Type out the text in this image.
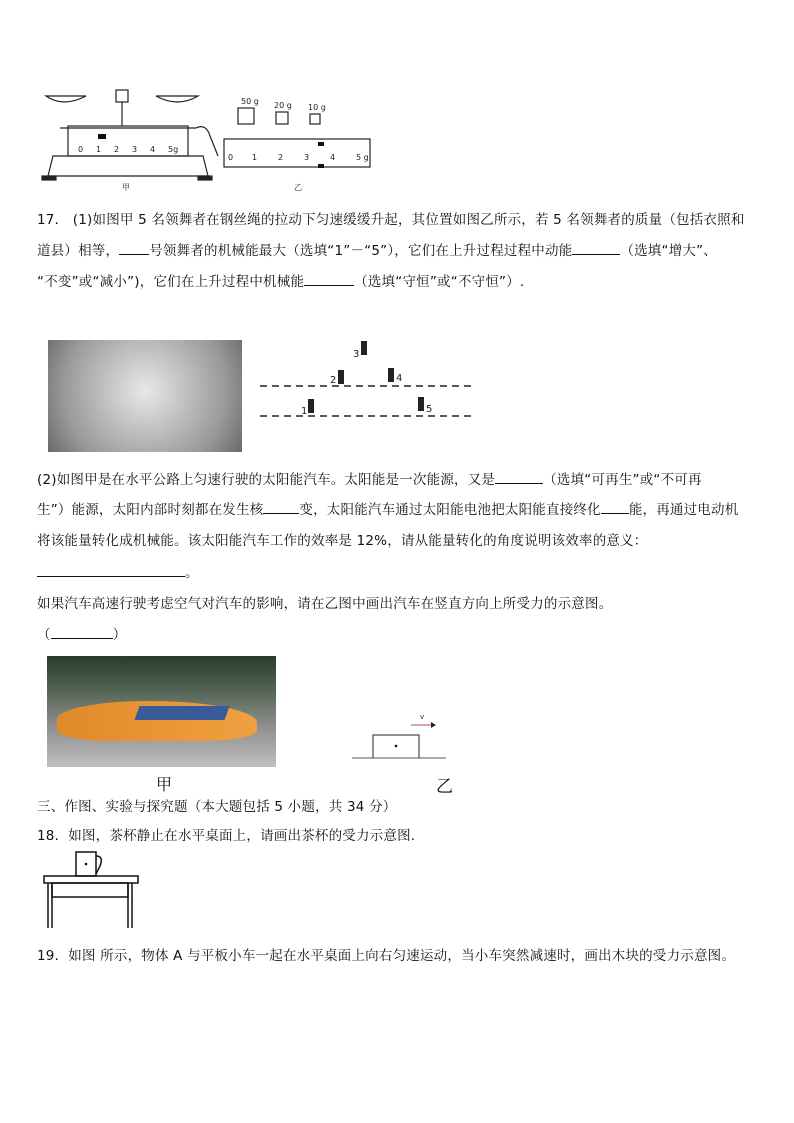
0 1 2 3 4 5g
0 1	2	3	4	5 g
50 g 20 g 10 g
甲	乙
17． (1)如图甲 5 名领舞者在钢丝绳的拉动下匀速缓缓升起，其位置如图乙所示，若 5 名领舞者的质量（包括衣照和
道县）相等， 号领舞者的机械能最大（选填“1”－“5”），它们在上升过程过程中动能	（选填“增大”、
“不变”或“减小”)，它们在上升过程中机械能	（选填“守恒”或“不守恒”）.
1
2
3
4
5
(2)如图甲是在水平公路上匀速行驶的太阳能汽车。太阳能是一次能源，又是	（选填“可再生”或“不可再
生”）能源，太阳内部时刻都在发生核	变，太阳能汽车通过太阳能电池把太阳能直接终化 能，再通过电动机
将该能量转化成机械能。该太阳能汽车工作的效率是 12%，请从能量转化的角度说明该效率的意义：
。
如果汽车高速行驶考虑空气对汽车的影响，请在乙图中画出汽车在竖直方向上所受力的示意图。
（	）
甲
v
乙
三、作图、实验与探究题（本大题包括 5 小题，共 34 分）
18．如图，茶杯静止在水平桌面上，请画出茶杯的受力示意图.
19．如图 所示，物体 A 与平板小车一起在水平桌面上向右匀速运动，当小车突然减速时，画出木块的受力示意图。
